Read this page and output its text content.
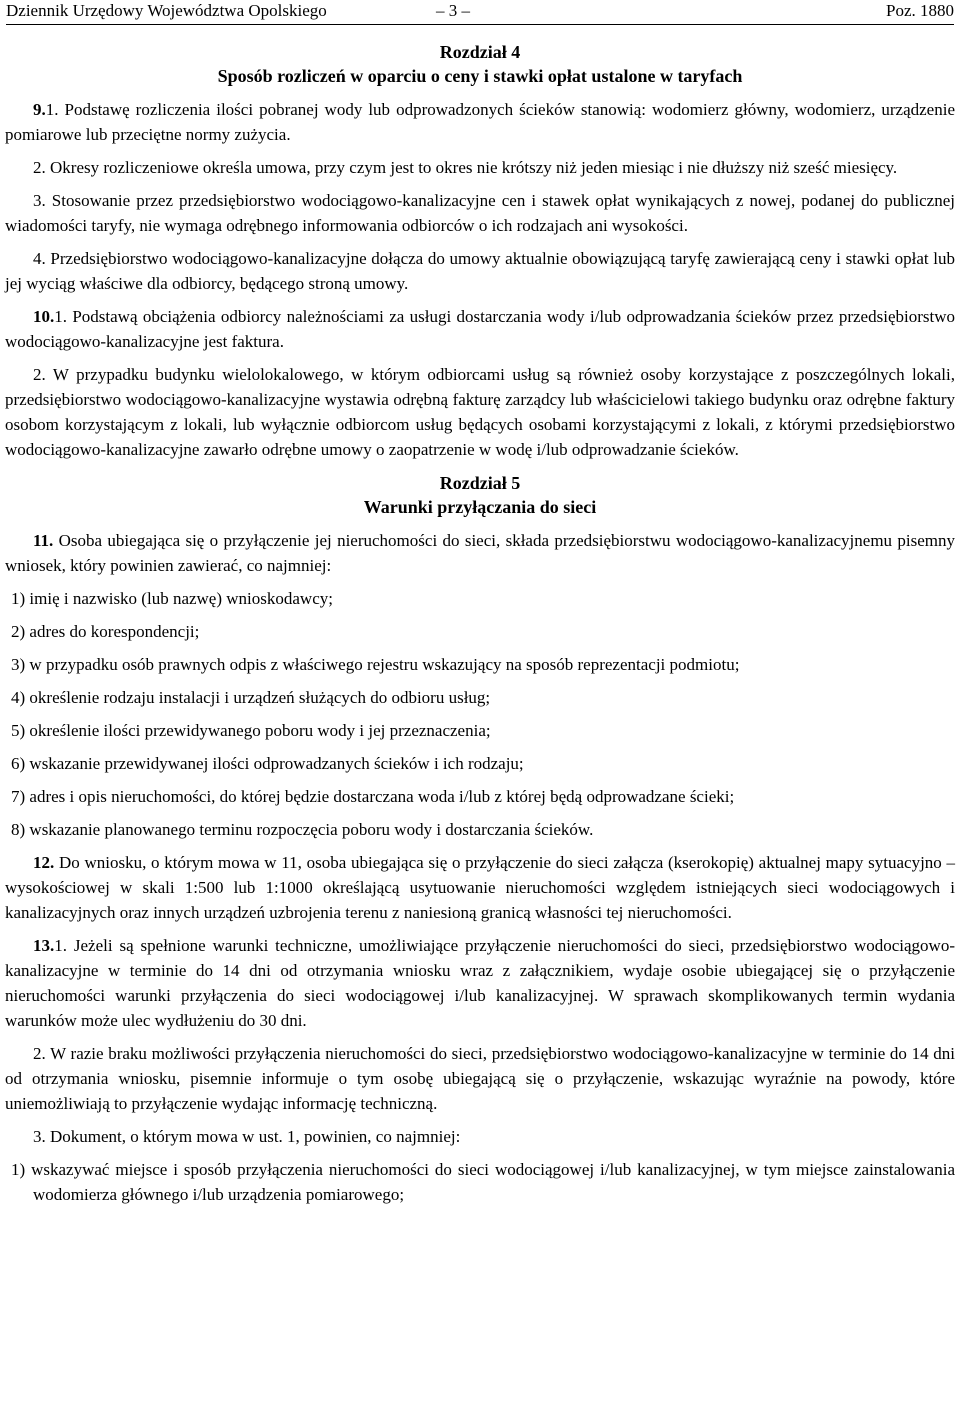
Dziennik Urzędowy Województwa Opolskiego	– 3 –	Poz. 1880

Rozdział 4

Sposób rozliczeń w oparciu o ceny i stawki opłat ustalone w taryfach

9.1. Podstawę rozliczenia ilości pobranej wody lub odprowadzonych ścieków stanowią: wodomierz główny, wodomierz, urządzenie pomiarowe lub przeciętne normy zużycia.

2. Okresy rozliczeniowe określa umowa, przy czym jest to okres nie krótszy niż jeden miesiąc i nie dłuższy niż sześć miesięcy.

3. Stosowanie przez przedsiębiorstwo wodociągowo-kanalizacyjne cen i stawek opłat wynikających z nowej, podanej do publicznej wiadomości taryfy, nie wymaga odrębnego informowania odbiorców o ich rodzajach ani wysokości.

4. Przedsiębiorstwo wodociągowo-kanalizacyjne dołącza do umowy aktualnie obowiązującą taryfę zawierającą ceny i stawki opłat lub jej wyciąg właściwe dla odbiorcy, będącego stroną umowy.

10.1. Podstawą obciążenia odbiorcy należnościami za usługi dostarczania wody i/lub odprowadzania ścieków przez przedsiębiorstwo wodociągowo-kanalizacyjne jest faktura.

2. W przypadku budynku wielolokalowego, w którym odbiorcami usług są również osoby korzystające z poszczególnych lokali, przedsiębiorstwo wodociągowo-kanalizacyjne wystawia odrębną fakturę zarządcy lub właścicielowi takiego budynku oraz odrębne faktury osobom korzystającym z lokali, lub wyłącznie odbiorcom usług będących osobami korzystającymi z lokali, z którymi przedsiębiorstwo wodociągowo-kanalizacyjne zawarło odrębne umowy o zaopatrzenie w wodę i/lub odprowadzanie ścieków.

Rozdział 5

Warunki przyłączania do sieci

11. Osoba ubiegająca się o przyłączenie jej nieruchomości do sieci, składa przedsiębiorstwu wodociągowo-kanalizacyjnemu pisemny wniosek, który powinien zawierać, co najmniej:

1) imię i nazwisko (lub nazwę) wnioskodawcy;

2) adres do korespondencji;

3) w przypadku osób prawnych odpis z właściwego rejestru wskazujący na sposób reprezentacji podmiotu;

4) określenie rodzaju instalacji i urządzeń służących do odbioru usług;

5) określenie ilości przewidywanego poboru wody i jej przeznaczenia;

6) wskazanie przewidywanej ilości odprowadzanych ścieków i ich rodzaju;

7) adres i opis nieruchomości, do której będzie dostarczana woda i/lub z której będą odprowadzane ścieki;

8) wskazanie planowanego terminu rozpoczęcia poboru wody i dostarczania ścieków.

12. Do wniosku, o którym mowa w 11, osoba ubiegająca się o przyłączenie do sieci załącza (kserokopię) aktualnej mapy sytuacyjno – wysokościowej w skali 1:500 lub 1:1000 określającą usytuowanie nieruchomości względem istniejących sieci wodociągowych i kanalizacyjnych oraz innych urządzeń uzbrojenia terenu z naniesioną granicą własności tej nieruchomości.

13.1. Jeżeli są spełnione warunki techniczne, umożliwiające przyłączenie nieruchomości do sieci, przedsiębiorstwo wodociągowo-kanalizacyjne w terminie do 14 dni od otrzymania wniosku wraz z załącznikiem, wydaje osobie ubiegającej się o przyłączenie nieruchomości warunki przyłączenia do sieci wodociągowej i/lub kanalizacyjnej. W sprawach skomplikowanych termin wydania warunków może ulec wydłużeniu do 30 dni.

2. W razie braku możliwości przyłączenia nieruchomości do sieci, przedsiębiorstwo wodociągowo-kanalizacyjne w terminie do 14 dni od otrzymania wniosku, pisemnie informuje o tym osobę ubiegającą się o przyłączenie, wskazując wyraźnie na powody, które uniemożliwiają to przyłączenie wydając informację techniczną.

3. Dokument, o którym mowa w ust. 1, powinien, co najmniej:

1) wskazywać miejsce i sposób przyłączenia nieruchomości do sieci wodociągowej i/lub kanalizacyjnej, w tym miejsce zainstalowania wodomierza głównego i/lub urządzenia pomiarowego;
